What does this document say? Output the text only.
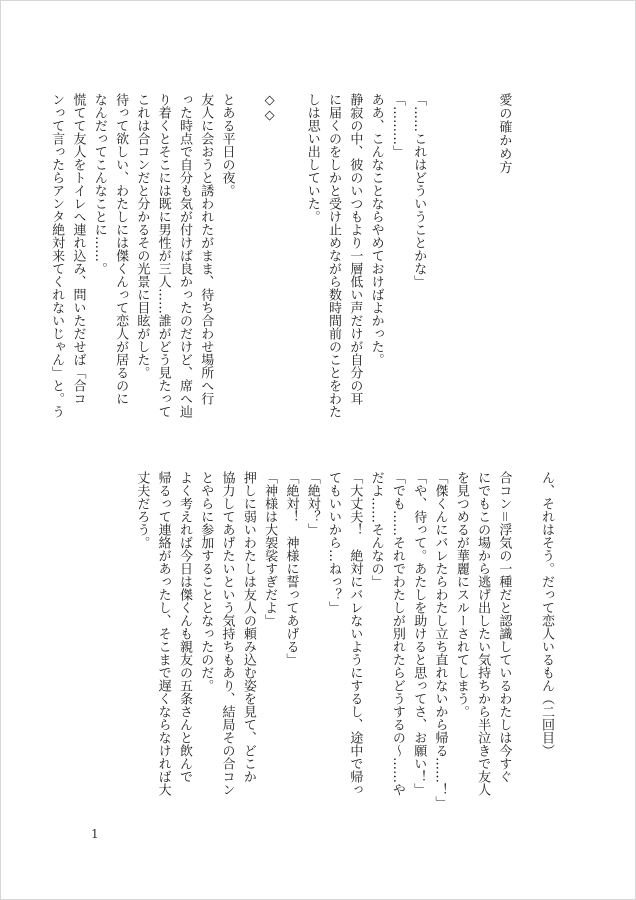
愛の確かめ方

「……これはどういうことかな」
「………」
ああ、こんなことならやめておけばよかった。
静寂の中、彼のいつもより一層低い声だけが自分の耳
に届くのをしかと受け止めながら数時間前のことをわた
しは思い出していた。

◇◇

とある平日の夜。
友人に会おうと誘われたがまま、待ち合わせ場所へ行
った時点で自分も気が付けば良かったのだけど、席へ辿
り着くとそこには既に男性が三人……誰がどう見たって
これは合コンだと分かるその光景に目眩がした。
待って欲しい、わたしには傑くんって恋人が居るのに
なんだってこんなことに……。
慌てて友人をトイレへ連れ込み、問いただせば「合コ
ンって言ったらアンタ絶対来てくれないじゃん」と。う
ん、それはそう。だって恋人いるもん（二回目）

合コン＝浮気の一種だと認識しているわたしは今すぐ
にでもこの場から逃げ出したい気持ちから半泣きで友人
を見つめるが華麗にスルーされてしまう。
「傑くんにバレたらわたし立ち直れないから帰る……！」
「や、待って。あたしを助けると思ってさ、お願い！」
「でも……それでわたしが別れたらどうするの〜……や
だよ……そんなの」
「大丈夫！　絶対にバレないようにするし、途中で帰っ
てもいいから…ねっ？」
「絶対？」
「絶対！　神様に誓ってあげる」
「神様は大袈裟すぎだよ」
押しに弱いわたしは友人の頼み込む姿を見て、どこか
協力してあげたいという気持ちもあり、結局その合コン
とやらに参加することとなったのだ。
よく考えれば今日は傑くんも親友の五条さんと飲んで
帰るって連絡があったし、そこまで遅くならなければ大
丈夫だろう。
1
